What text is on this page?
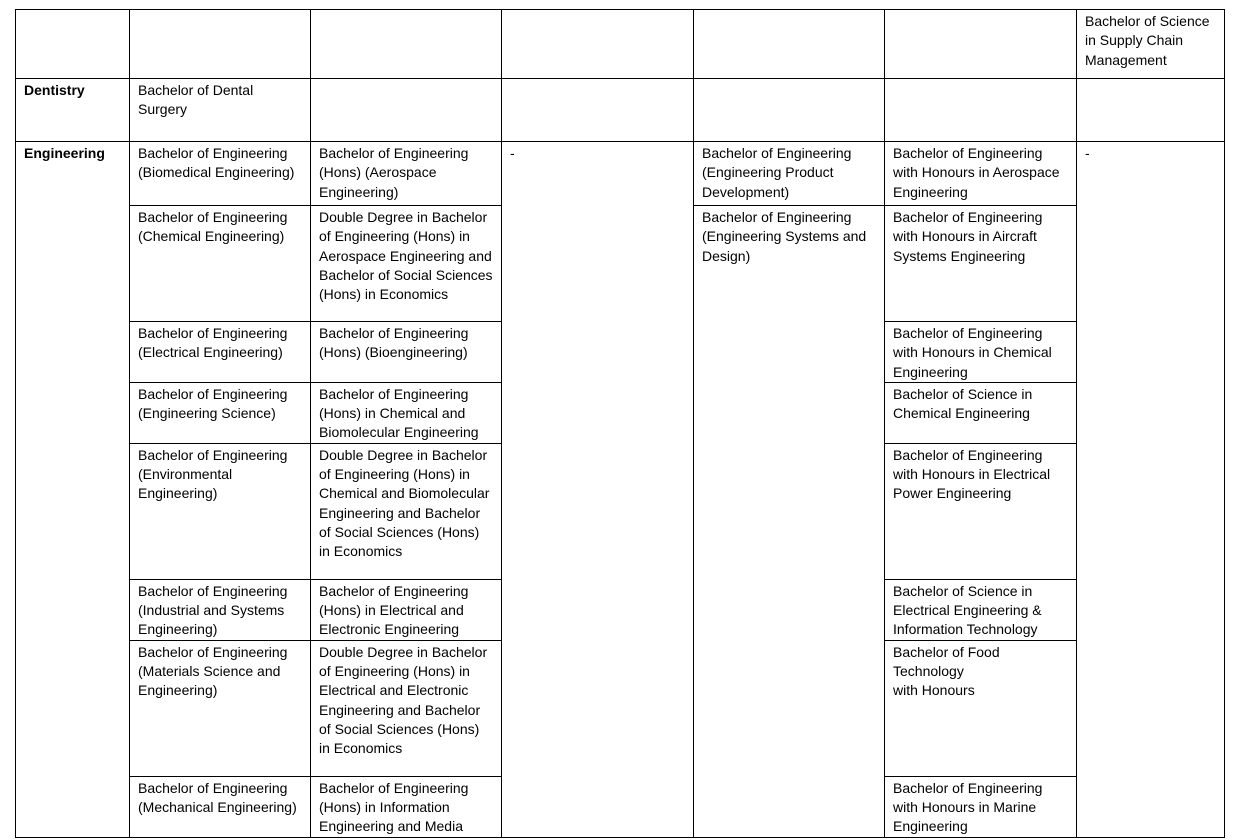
						Bachelor of Science in Supply Chain Management
Dentistry	Bachelor of Dental Surgery					
Engineering	Bachelor of Engineering (Biomedical Engineering)	Bachelor of Engineering (Hons) (Aerospace Engineering)	-	Bachelor of Engineering (Engineering Product Development)	Bachelor of Engineering with Honours in Aerospace Engineering	-
	Bachelor of Engineering (Chemical Engineering)	Double Degree in Bachelor of Engineering (Hons) in Aerospace Engineering and Bachelor of Social Sciences (Hons) in Economics		Bachelor of Engineering (Engineering Systems and Design)	Bachelor of Engineering with Honours in Aircraft Systems Engineering	
	Bachelor of Engineering (Electrical Engineering)	Bachelor of Engineering (Hons) (Bioengineering)			Bachelor of Engineering with Honours in Chemical Engineering	
	Bachelor of Engineering (Engineering Science)	Bachelor of Engineering (Hons) in Chemical and Biomolecular Engineering			Bachelor of Science in Chemical Engineering	
	Bachelor of Engineering (Environmental Engineering)	Double Degree in Bachelor of Engineering (Hons) in Chemical and Biomolecular Engineering and Bachelor of Social Sciences (Hons) in Economics			Bachelor of Engineering with Honours in Electrical Power Engineering	
	Bachelor of Engineering (Industrial and Systems Engineering)	Bachelor of Engineering (Hons) in Electrical and Electronic Engineering			Bachelor of Science in Electrical Engineering & Information Technology	
	Bachelor of Engineering (Materials Science and Engineering)	Double Degree in Bachelor of Engineering (Hons) in Electrical and Electronic Engineering and Bachelor of Social Sciences (Hons) in Economics			Bachelor of Food Technology
with Honours	
	Bachelor of Engineering (Mechanical Engineering)	Bachelor of Engineering (Hons) in Information Engineering and Media			Bachelor of Engineering with Honours in Marine Engineering	
